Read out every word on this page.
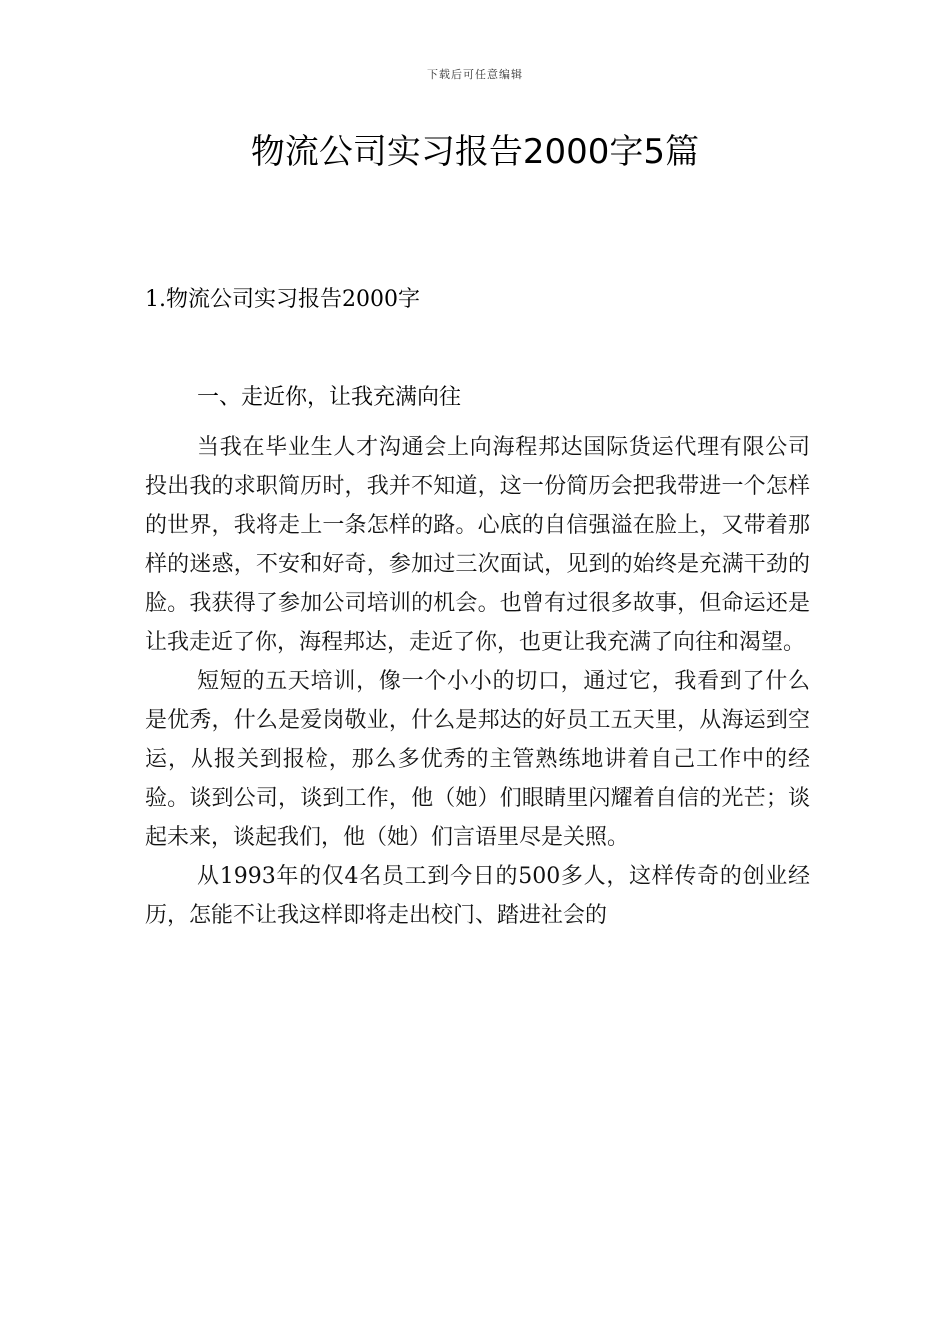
下载后可任意编辑
物流公司实习报告2000字5篇
1.物流公司实习报告2000字
一、走近你，让我充满向往

当我在毕业生人才沟通会上向海程邦达国际货运代理有限公司投出我的求职简历时，我并不知道，这一份简历会把我带进一个怎样的世界，我将走上一条怎样的路。心底的自信强溢在脸上，又带着那样的迷惑，不安和好奇，参加过三次面试，见到的始终是充满干劲的脸。我获得了参加公司培训的机会。也曾有过很多故事，但命运还是让我走近了你，海程邦达，走近了你，也更让我充满了向往和渴望。

短短的五天培训，像一个小小的切口，通过它，我看到了什么是优秀，什么是爱岗敬业，什么是邦达的好员工五天里，从海运到空运，从报关到报检，那么多优秀的主管熟练地讲着自己工作中的经验。谈到公司，谈到工作，他（她）们眼睛里闪耀着自信的光芒；谈起未来，谈起我们，他（她）们言语里尽是关照。

从1993年的仅4名员工到今日的500多人，这样传奇的创业经历，怎能不让我这样即将走出校门、踏进社会的
